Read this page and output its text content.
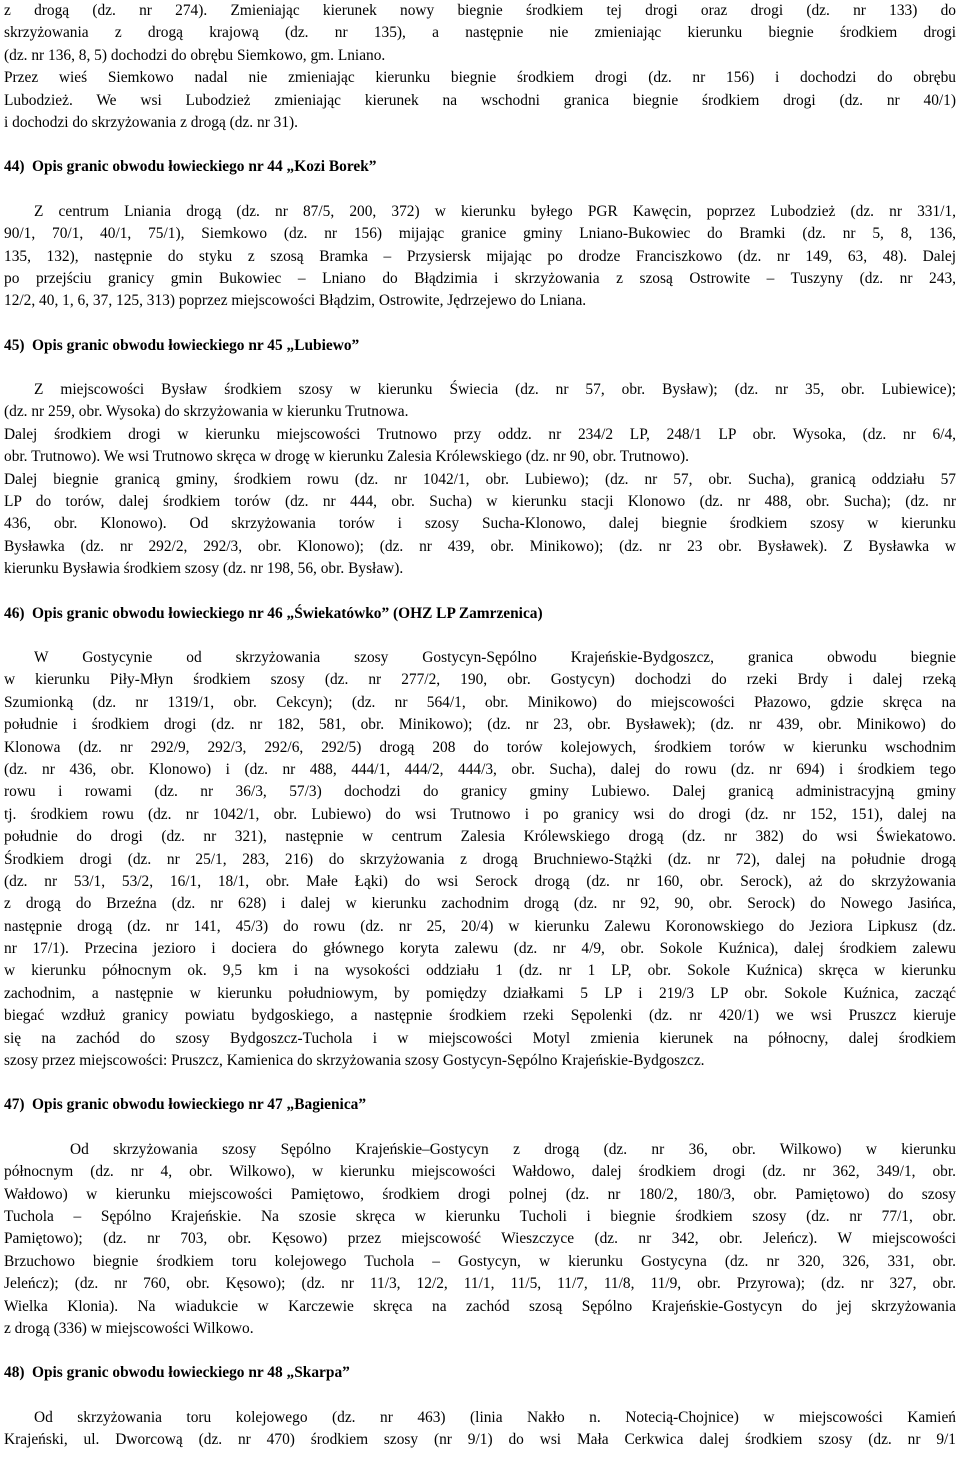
z drogą (dz. nr 274). Zmieniając kierunek nowy biegnie środkiem tej drogi oraz drogi (dz. nr 133) do
skrzyżowania z drogą krajową (dz. nr 135), a następnie nie zmieniając kierunku biegnie środkiem drogi
(dz. nr 136, 8, 5) dochodzi do obrębu Siemkowo, gm. Lniano.
Przez wieś Siemkowo nadal nie zmieniając kierunku biegnie środkiem drogi (dz. nr 156) i dochodzi do obrębu
Lubodzież. We wsi Lubodzież zmieniając kierunek na wschodni granica biegnie środkiem drogi (dz. nr 40/1)
i dochodzi do skrzyżowania z drogą (dz. nr 31).
44) Opis granic obwodu łowieckiego nr 44 „Kozi Borek”
Z centrum Lniania drogą (dz. nr 87/5, 200, 372) w kierunku byłego PGR Kawęcin, poprzez Lubodzież (dz. nr 331/1,
90/1, 70/1, 40/1, 75/1), Siemkowo (dz. nr 156) mijając granice gminy Lniano-Bukowiec do Bramki (dz. nr 5, 8, 136,
135, 132), następnie do styku z szosą Bramka – Przysiersk mijając po drodze Franciszkowo (dz. nr 149, 63, 48). Dalej
po przejściu granicy gmin Bukowiec – Lniano do Błądzimia i skrzyżowania z szosą Ostrowite – Tuszyny (dz. nr 243,
12/2, 40, 1, 6, 37, 125, 313) poprzez miejscowości Błądzim, Ostrowite, Jędrzejewo do Lniana.
45) Opis granic obwodu łowieckiego nr 45 „Lubiewo”
Z miejscowości Bysław środkiem szosy w kierunku Świecia (dz. nr 57, obr. Bysław); (dz. nr 35, obr. Lubiewice);
(dz. nr 259, obr. Wysoka) do skrzyżowania w kierunku Trutnowa.
Dalej środkiem drogi w kierunku miejscowości Trutnowo przy oddz. nr 234/2 LP, 248/1 LP obr. Wysoka, (dz. nr 6/4,
obr. Trutnowo). We wsi Trutnowo skręca w drogę w kierunku Zalesia Królewskiego (dz. nr 90, obr. Trutnowo).
Dalej biegnie granicą gminy, środkiem rowu (dz. nr 1042/1, obr. Lubiewo); (dz. nr 57, obr. Sucha), granicą oddziału 57
LP do torów, dalej środkiem torów (dz. nr 444, obr. Sucha) w kierunku stacji Klonowo (dz. nr 488, obr. Sucha); (dz. nr
436, obr. Klonowo). Od skrzyżowania torów i szosy Sucha-Klonowo, dalej biegnie środkiem szosy w kierunku
Bysławka (dz. nr 292/2, 292/3, obr. Klonowo); (dz. nr 439, obr. Minikowo); (dz. nr 23 obr. Bysławek). Z Bysławka w
kierunku Bysławia środkiem szosy (dz. nr 198, 56, obr. Bysław).
46) Opis granic obwodu łowieckiego nr 46 „Świekatówko” (OHZ LP Zamrzenica)
W Gostycynie od skrzyżowania szosy Gostycyn-Sępólno Krajeńskie-Bydgoszcz, granica obwodu biegnie
w kierunku Piły-Młyn środkiem szosy (dz. nr 277/2, 190, obr. Gostycyn) dochodzi do rzeki Brdy i dalej rzeką
Szumionką (dz. nr 1319/1, obr. Cekcyn); (dz. nr 564/1, obr. Minikowo) do miejscowości Płazowo, gdzie skręca na
południe i środkiem drogi (dz. nr 182, 581, obr. Minikowo); (dz. nr 23, obr. Bysławek); (dz. nr 439, obr. Minikowo) do
Klonowa (dz. nr 292/9, 292/3, 292/6, 292/5) drogą 208 do torów kolejowych, środkiem torów w kierunku wschodnim
(dz. nr 436, obr. Klonowo) i (dz. nr 488, 444/1, 444/2, 444/3, obr. Sucha), dalej do rowu (dz. nr 694) i środkiem tego
rowu i rowami (dz. nr 36/3, 57/3) dochodzi do granicy gminy Lubiewo. Dalej granicą administracyjną gminy
tj. środkiem rowu (dz. nr 1042/1, obr. Lubiewo) do wsi Trutnowo i po granicy wsi do drogi (dz. nr 152, 151), dalej na
południe do drogi (dz. nr 321), następnie w centrum Zalesia Królewskiego drogą (dz. nr 382) do wsi Świekatowo.
Środkiem drogi (dz. nr 25/1, 283, 216) do skrzyżowania z drogą Bruchniewo-Stążki (dz. nr 72), dalej na południe drogą
(dz. nr 53/1, 53/2, 16/1, 18/1, obr. Małe Łąki) do wsi Serock drogą (dz. nr 160, obr. Serock), aż do skrzyżowania
z drogą do Brzeźna (dz. nr 628) i dalej w kierunku zachodnim drogą (dz. nr 92, 90, obr. Serock) do Nowego Jasińca,
następnie drogą (dz. nr 141, 45/3) do rowu (dz. nr 25, 20/4) w kierunku Zalewu Koronowskiego do Jeziora Lipkusz (dz.
nr 17/1). Przecina jezioro i dociera do głównego koryta zalewu (dz. nr 4/9, obr. Sokole Kuźnica), dalej środkiem zalewu
w kierunku północnym ok. 9,5 km i na wysokości oddziału 1 (dz. nr 1 LP, obr. Sokole Kuźnica) skręca w kierunku
zachodnim, a następnie w kierunku południowym, by pomiędzy działkami 5 LP i 219/3 LP obr. Sokole Kuźnica, zacząć
biegać wzdłuż granicy powiatu bydgoskiego, a następnie środkiem rzeki Sępolenki (dz. nr 420/1) we wsi Pruszcz kieruje
się na zachód do szosy Bydgoszcz-Tuchola i w miejscowości Motyl zmienia kierunek na północny, dalej środkiem
szosy przez miejscowości: Pruszcz, Kamienica do skrzyżowania szosy Gostycyn-Sępólno Krajeńskie-Bydgoszcz.
47) Opis granic obwodu łowieckiego nr 47 „Bagienica”
Od skrzyżowania szosy Sępólno Krajeńskie–Gostycyn z drogą (dz. nr 36, obr. Wilkowo) w kierunku
północnym (dz. nr 4, obr. Wilkowo), w kierunku miejscowości Wałdowo, dalej środkiem drogi (dz. nr 362, 349/1, obr.
Wałdowo) w kierunku miejscowości Pamiętowo, środkiem drogi polnej (dz. nr 180/2, 180/3, obr. Pamiętowo) do szosy
Tuchola – Sępólno Krajeńskie. Na szosie skręca w kierunku Tucholi i biegnie środkiem szosy (dz. nr 77/1, obr.
Pamiętowo); (dz. nr 703, obr. Kęsowo) przez miejscowość Wieszczyce (dz. nr 342, obr. Jeleńcz). W miejscowości
Brzuchowo biegnie środkiem toru kolejowego Tuchola – Gostycyn, w kierunku Gostycyna (dz. nr 320, 326, 331, obr.
Jeleńcz); (dz. nr 760, obr. Kęsowo); (dz. nr 11/3, 12/2, 11/1, 11/5, 11/7, 11/8, 11/9, obr. Przyrowa); (dz. nr 327, obr.
Wielka Klonia). Na wiadukcie w Karczewie skręca na zachód szosą Sępólno Krajeńskie-Gostycyn do jej skrzyżowania
z drogą (336) w miejscowości Wilkowo.
48) Opis granic obwodu łowieckiego nr 48 „Skarpa”
Od skrzyżowania toru kolejowego (dz. nr 463) (linia Nakło n. Notecią-Chojnice) w miejscowości Kamień
Krajeński, ul. Dworcową (dz. nr 470) środkiem szosy (nr 9/1) do wsi Mała Cerkwica dalej środkiem szosy (dz. nr 9/1
